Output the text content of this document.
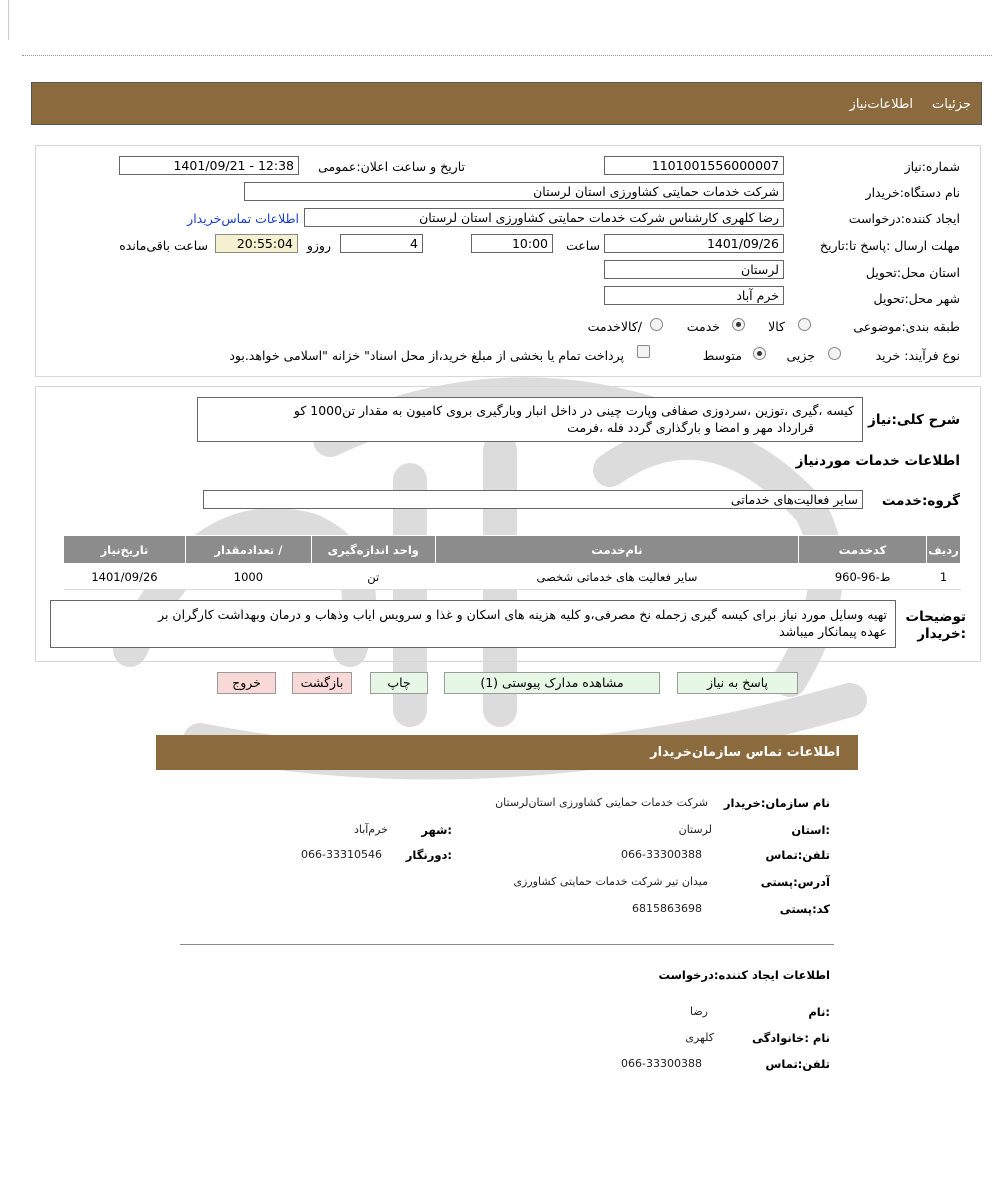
جزئیات
اطلاعات‌نیاز
شماره:نیاز
1101001556000007
تاریخ و ساعت اعلان:عمومی
1401/09/21 - 12:38
نام دستگاه:خریدار
شرکت خدمات حمایتی کشاورزی استان لرستان
ایجاد کننده:درخواست
رضا کلهری کارشناس شرکت خدمات حمایتی کشاورزی استان لرستان
اطلاعات تماس‌خریدار
مهلت ارسال :پاسخ تا:تاریخ
1401/09/26
ساعت
10:00
4
روزو
20:55:04
ساعت باقی‌مانده
استان محل:تحویل
لرستان
شهر محل:تحویل
خرم آباد
طبقه بندی:موضوعی
کالا
خدمت
/کالاخدمت
نوع فرآیند: خرید
جزیی
متوسط
پرداخت تمام یا بخشی از مبلغ خرید،از محل اسناد" خزانه "اسلامی خواهد.بود
شرح کلی:نیاز
کیسه ،گیری ،توزین ،سردوزی صفافی وپارت چینی در داخل انبار وبارگیری بروی کامیون به مقدار تن1000 کو
قرارداد مهر و امضا و بارگذاری گردد فله ،فرمت
اطلاعات خدمات موردنیاز
گروه:خدمت
سایر فعالیت‌های خدماتی
ردیف	کدخدمت	نام‌خدمت	واحد اندازه‌گیری	/ تعدادمقدار	تاریخ‌نیاز
1	ط-96-960	سایر فعالیت های خدماتی شخصی	تن	1000	1401/09/26
توضیحات
:خریدار
تهیه وسایل مورد نیاز برای کیسه گیری زجمله نخ مصرفی،و کلیه هزینه های اسکان و غذا و سرویس ایاب وذهاب و درمان وبهداشت کارگران بر
عهده پیمانکار میباشد
پاسخ به نیاز
مشاهده مدارک پیوستی (1)
چاپ
بازگشت
خروج
اطلاعات تماس سازمان‌خریدار
نام سازمان:خریدار
شرکت خدمات حمایتی کشاورزی استان‌لرستان
:استان
لرستان
:شهر
خرم‌آباد
تلفن:تماس
066-33300388
:دورنگار
066-33310546
آدرس:پستی
میدان تیر شرکت خدمات حمایتی کشاورزی
کد:پستی
6815863698
اطلاعات ایجاد کننده:درخواست
:نام
رضا
نام :خانوادگی
کلهری
تلفن:تماس
066-33300388
